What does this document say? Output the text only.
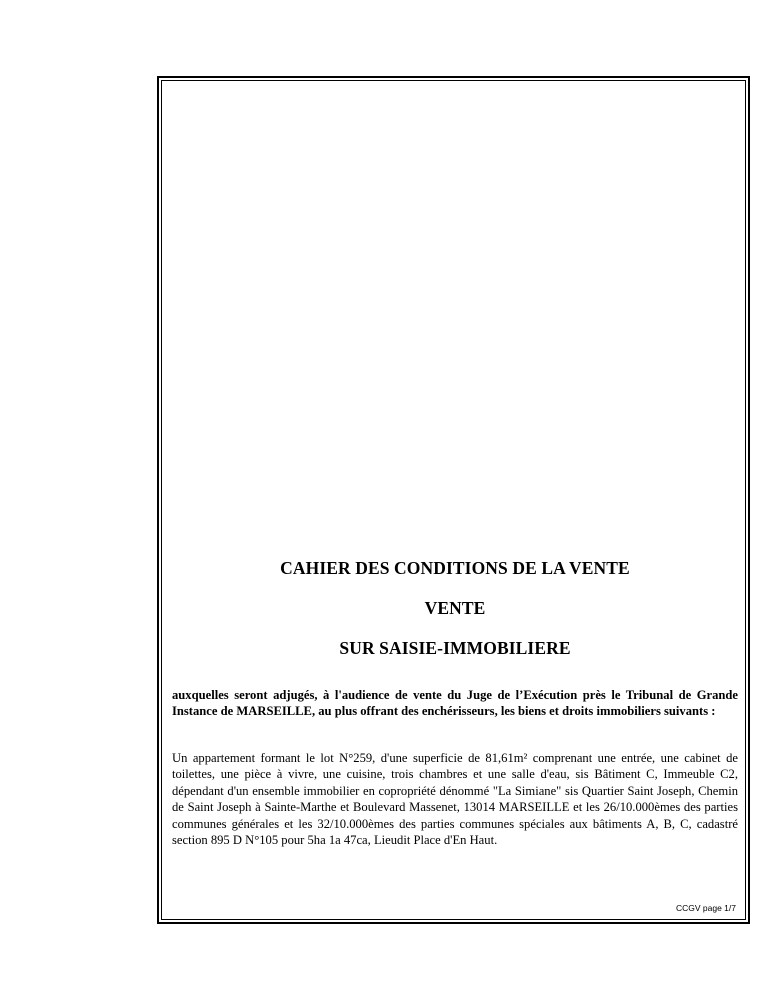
CAHIER DES CONDITIONS DE LA VENTE
VENTE
SUR SAISIE-IMMOBILIERE
auxquelles seront adjugés, à l'audience de vente du Juge de l’Exécution près le Tribunal de Grande Instance de MARSEILLE, au plus offrant des enchérisseurs, les biens et droits immobiliers suivants :
Un appartement formant le lot N°259, d'une superficie de 81,61m² comprenant une entrée, une cabinet de toilettes, une pièce à vivre, une cuisine, trois chambres et une salle d'eau, sis Bâtiment C, Immeuble C2, dépendant d'un ensemble immobilier en copropriété dénommé "La Simiane" sis Quartier Saint Joseph, Chemin de Saint Joseph à Sainte-Marthe et Boulevard Massenet, 13014 MARSEILLE et les 26/10.000èmes des parties communes générales et les 32/10.000èmes des parties communes spéciales aux bâtiments A, B, C, cadastré section 895 D N°105 pour 5ha 1a 47ca, Lieudit Place d'En Haut.
CCGV page 1/7
